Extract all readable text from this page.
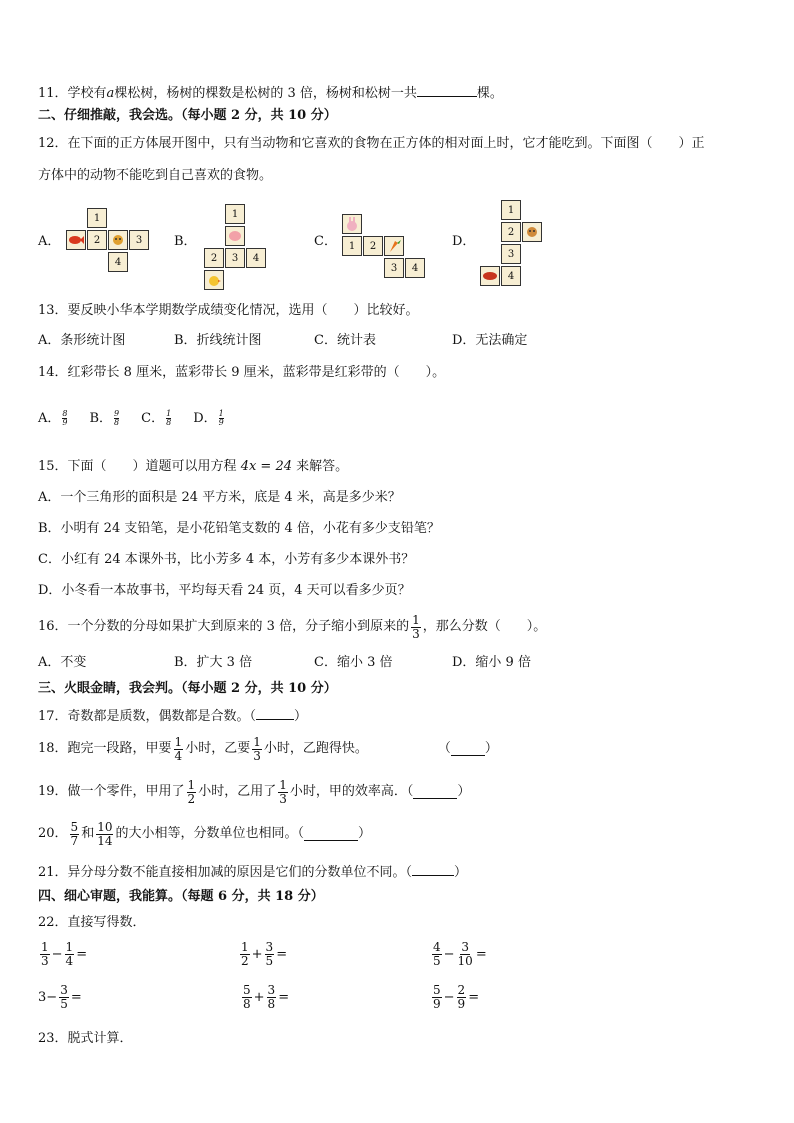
11．学校有a棵松树，杨树的棵数是松树的 3 倍，杨树和松树一共	棵。
二、仔细推敲，我会选。（每小题 2 分，共 10 分）
12．在下面的正方体展开图中，只有当动物和它喜欢的食物在正方体的相对面上时，它才能吃到。下面图（　　）正
方体中的动物不能吃到自己喜欢的食物。
A．
1
2	3
4
B．
1
2	3	4
C．	1	2
3	4
D．
1
2
3
4
13．要反映小华本学期数学成绩变化情况，选用（　　）比较好。
A．条形统计图	B．折线统计图	C．统计表	D．无法确定
14．红彩带长 8 厘米，蓝彩带长 9 厘米，蓝彩带是红彩带的（　　）。
A． $\frac{8}{9}$ B． $\frac{9}{8}$ C． $\frac{1}{8}$ D． $\frac{1}{9}$
15．下面（　　）道题可以用方程 4x = 24 来解答。
A．一个三角形的面积是 24 平方米，底是 4 米，高是多少米？
B．小明有 24 支铅笔，是小花铅笔支数的 4 倍，小花有多少支铅笔？
C．小红有 24 本课外书，比小芳多 4 本，小芳有多少本课外书？
D．小冬看一本故事书，平均每天看 24 页，4 天可以看多少页？
16．一个分数的分母如果扩大到原来的 3 倍，分子缩小到原来的 $\frac{1}{3}$ ，那么分数（　　）。
A．不变	B．扩大 3 倍	C．缩小 3 倍	D．缩小 9 倍
三、火眼金睛，我会判。（每小题 2 分，共 10 分）
17．奇数都是质数，偶数都是合数。（	）
18．跑完一段路，甲要 $\frac{1}{4}$ 小时，乙要 $\frac{1}{3}$ 小时，乙跑得快。	（	）
19．做一个零件，甲用了 $\frac{1}{2}$ 小时，乙用了 $\frac{1}{3}$ 小时，甲的效率高．（	）
20． $\frac{5}{7}$ 和 $\frac{10}{14}$ 的大小相等，分数单位也相同。（	）
21．异分母分数不能直接相加减的原因是它们的分数单位不同。（	）
四、细心审题，我能算。（每题 6 分，共 18 分）
22．直接写得数．
$\frac{1}{3} - \frac{1}{4}$ =	$\frac{1}{2} + \frac{3}{5}$ =	$\frac{4}{5} - \frac{3}{10}$ =
$3 - \frac{3}{5}$ =	$\frac{5}{8} + \frac{3}{8}$ =	$\frac{5}{9} - \frac{2}{9}$ =
23．脱式计算．
